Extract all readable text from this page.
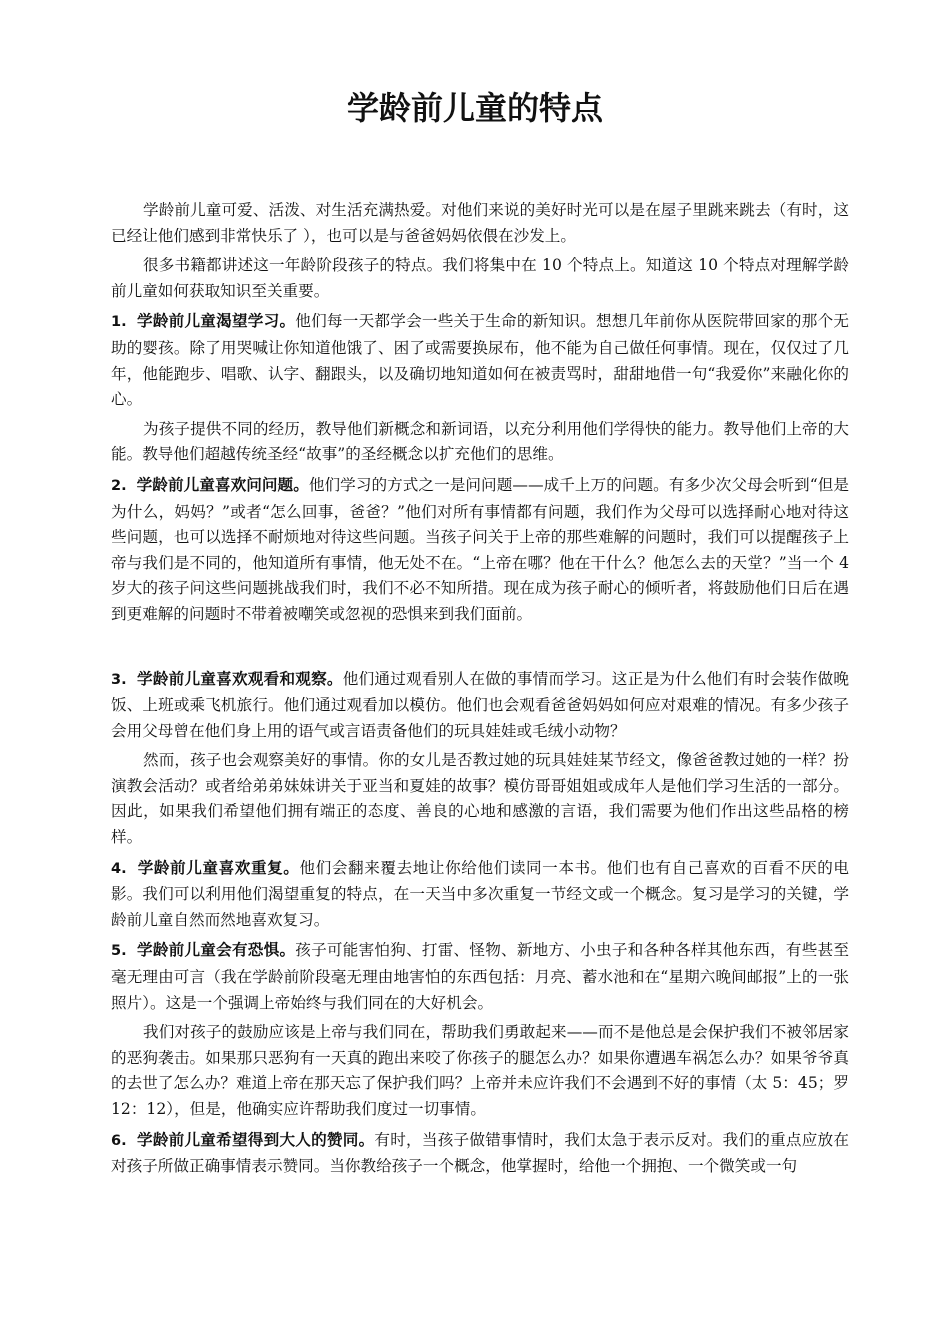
学龄前儿童的特点

学龄前儿童可爱、活泼、对生活充满热爱。对他们来说的美好时光可以是在屋子里跳来跳去（有时，这已经让他们感到非常快乐了 ），也可以是与爸爸妈妈依偎在沙发上。

很多书籍都讲述这一年龄阶段孩子的特点。我们将集中在 10 个特点上。知道这 10 个特点对理解学龄前儿童如何获取知识至关重要。

1. 学龄前儿童渴望学习。他们每一天都学会一些关于生命的新知识。想想几年前你从医院带回家的那个无助的婴孩。除了用哭喊让你知道他饿了、困了或需要换尿布，他不能为自己做任何事情。现在，仅仅过了几年，他能跑步、唱歌、认字、翻跟头，以及确切地知道如何在被责骂时，甜甜地借一句“我爱你”来融化你的心。

为孩子提供不同的经历，教导他们新概念和新词语，以充分利用他们学得快的能力。教导他们上帝的大能。教导他们超越传统圣经“故事”的圣经概念以扩充他们的思维。

2. 学龄前儿童喜欢问问题。他们学习的方式之一是问问题——成千上万的问题。有多少次父母会听到“但是为什么，妈妈？”或者“怎么回事，爸爸？”他们对所有事情都有问题，我们作为父母可以选择耐心地对待这些问题，也可以选择不耐烦地对待这些问题。当孩子问关于上帝的那些难解的问题时，我们可以提醒孩子上帝与我们是不同的，他知道所有事情，他无处不在。“上帝在哪？他在干什么？他怎么去的天堂？”当一个 4 岁大的孩子问这些问题挑战我们时，我们不必不知所措。现在成为孩子耐心的倾听者，将鼓励他们日后在遇到更难解的问题时不带着被嘲笑或忽视的恐惧来到我们面前。

3. 学龄前儿童喜欢观看和观察。他们通过观看别人在做的事情而学习。这正是为什么他们有时会装作做晚饭、上班或乘飞机旅行。他们通过观看加以模仿。他们也会观看爸爸妈妈如何应对艰难的情况。有多少孩子会用父母曾在他们身上用的语气或言语责备他们的玩具娃娃或毛绒小动物？

然而，孩子也会观察美好的事情。你的女儿是否教过她的玩具娃娃某节经文，像爸爸教过她的一样？扮演教会活动？或者给弟弟妹妹讲关于亚当和夏娃的故事？模仿哥哥姐姐或成年人是他们学习生活的一部分。因此，如果我们希望他们拥有端正的态度、善良的心地和感激的言语，我们需要为他们作出这些品格的榜样。

4. 学龄前儿童喜欢重复。他们会翻来覆去地让你给他们读同一本书。他们也有自己喜欢的百看不厌的电影。我们可以利用他们渴望重复的特点，在一天当中多次重复一节经文或一个概念。复习是学习的关键，学龄前儿童自然而然地喜欢复习。

5. 学龄前儿童会有恐惧。孩子可能害怕狗、打雷、怪物、新地方、小虫子和各种各样其他东西，有些甚至毫无理由可言（我在学龄前阶段毫无理由地害怕的东西包括：月亮、蓄水池和在“星期六晚间邮报”上的一张照片）。这是一个强调上帝始终与我们同在的大好机会。

我们对孩子的鼓励应该是上帝与我们同在，帮助我们勇敢起来——而不是他总是会保护我们不被邻居家的恶狗袭击。如果那只恶狗有一天真的跑出来咬了你孩子的腿怎么办？如果你遭遇车祸怎么办？如果爷爷真的去世了怎么办？难道上帝在那天忘了保护我们吗？上帝并未应许我们不会遇到不好的事情（太 5：45；罗 12：12），但是，他确实应许帮助我们度过一切事情。

6. 学龄前儿童希望得到大人的赞同。有时，当孩子做错事情时，我们太急于表示反对。我们的重点应放在对孩子所做正确事情表示赞同。当你教给孩子一个概念，他掌握时，给他一个拥抱、一个微笑或一句
